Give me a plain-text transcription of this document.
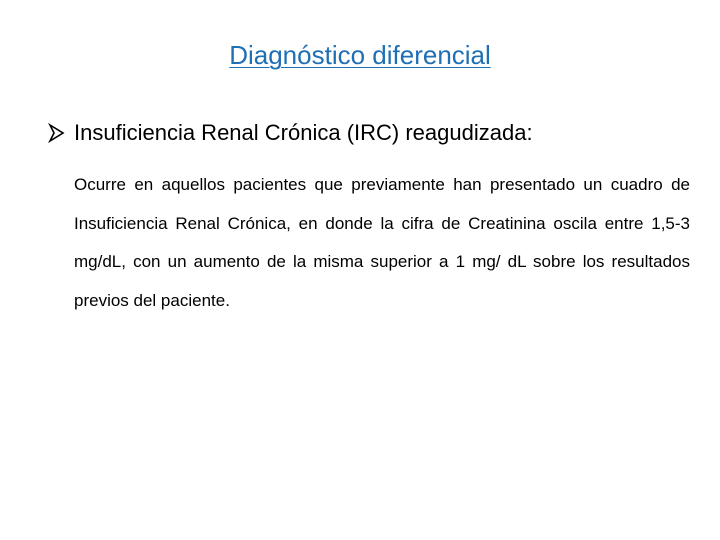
Diagnóstico diferencial
Insuficiencia Renal Crónica (IRC) reagudizada:

Ocurre en aquellos pacientes que previamente han presentado un cuadro de Insuficiencia Renal Crónica, en donde la cifra de Creatinina oscila entre 1,5-3 mg/dL, con un aumento de la misma superior a 1 mg/ dL sobre los resultados previos del paciente.
